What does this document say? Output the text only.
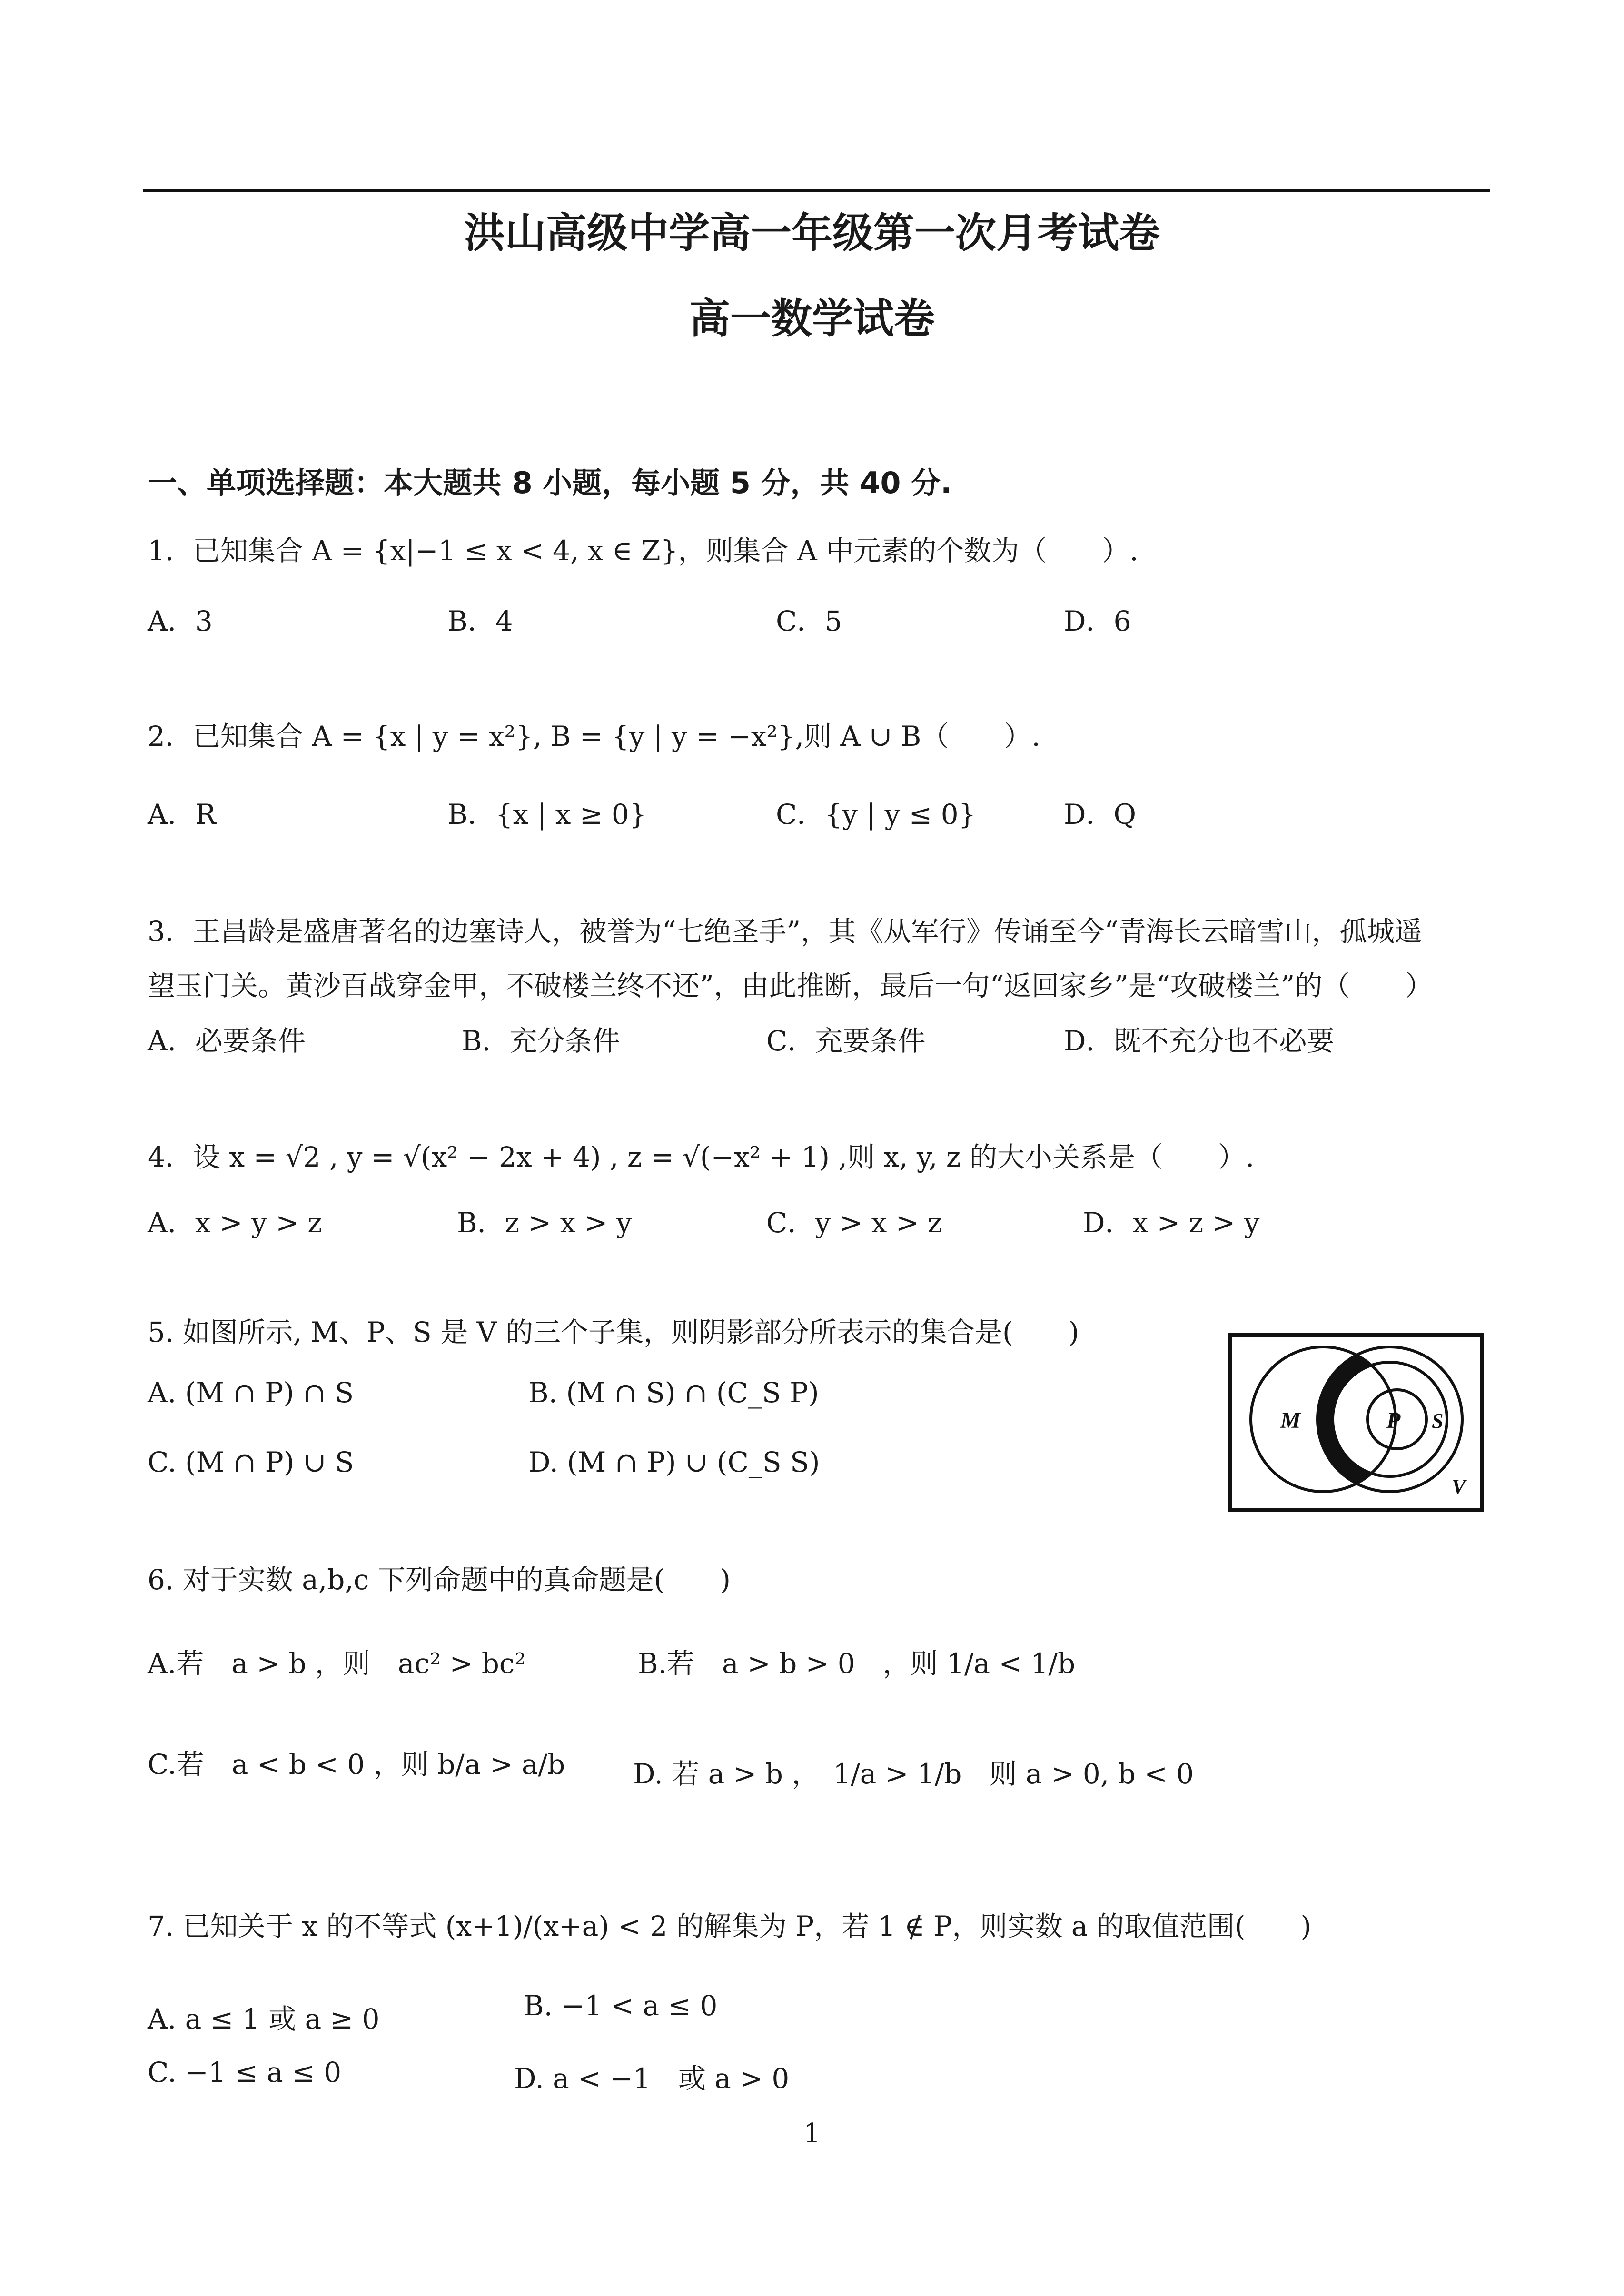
洪山高级中学高一年级第一次月考试卷
高一数学试卷
一、单项选择题：本大题共 8 小题，每小题 5 分，共 40 分.
1．已知集合 A = {x|−1 ≤ x < 4, x ∈ Z}，则集合 A 中元素的个数为（　　）.
A．3	B．4	C．5	D．6
2．已知集合 A = {x | y = x²}, B = {y | y = −x²},则 A ∪ B（　　）.
A．R	B．{x | x ≥ 0}	C．{y | y ≤ 0}	D．Q
3．王昌龄是盛唐著名的边塞诗人，被誉为“七绝圣手”，其《从军行》传诵至今“青海长云暗雪山，孤城遥
望玉门关。黄沙百战穿金甲，不破楼兰终不还”，由此推断，最后一句“返回家乡”是“攻破楼兰”的（　　）
A．必要条件	B．充分条件	C．充要条件	D．既不充分也不必要
4．设 x = √2 , y = √(x² − 2x + 4) , z = √(−x² + 1) ,则 x, y, z 的大小关系是（　　）.
A．x > y > z	B．z > x > y	C．y > x > z	D．x > z > y
5. 如图所示, M、P、S 是 V 的三个子集，则阴影部分所表示的集合是(　　)
A. (M ∩ P) ∩ S	B. (M ∩ S) ∩ (C_S P)
C. (M ∩ P) ∪ S	D. (M ∩ P) ∪ (C_S S)
M	P S
V
6. 对于实数 a,b,c 下列命题中的真命题是(　　)
A.若　a > b ，则　ac² > bc²	B.若　a > b > 0　，则 1/a < 1/b
C.若　a < b < 0 ，则 b/a > a/b D. 若 a > b ，　1/a > 1/b　则 a > 0, b < 0
7. 已知关于 x 的不等式 (x+1)/(x+a) < 2 的解集为 P，若 1 ∉ P，则实数 a 的取值范围(　　)
A. a ≤ 1 或 a ≥ 0	B. −1 < a ≤ 0
C. −1 ≤ a ≤ 0	D. a < −1　或 a > 0
1
